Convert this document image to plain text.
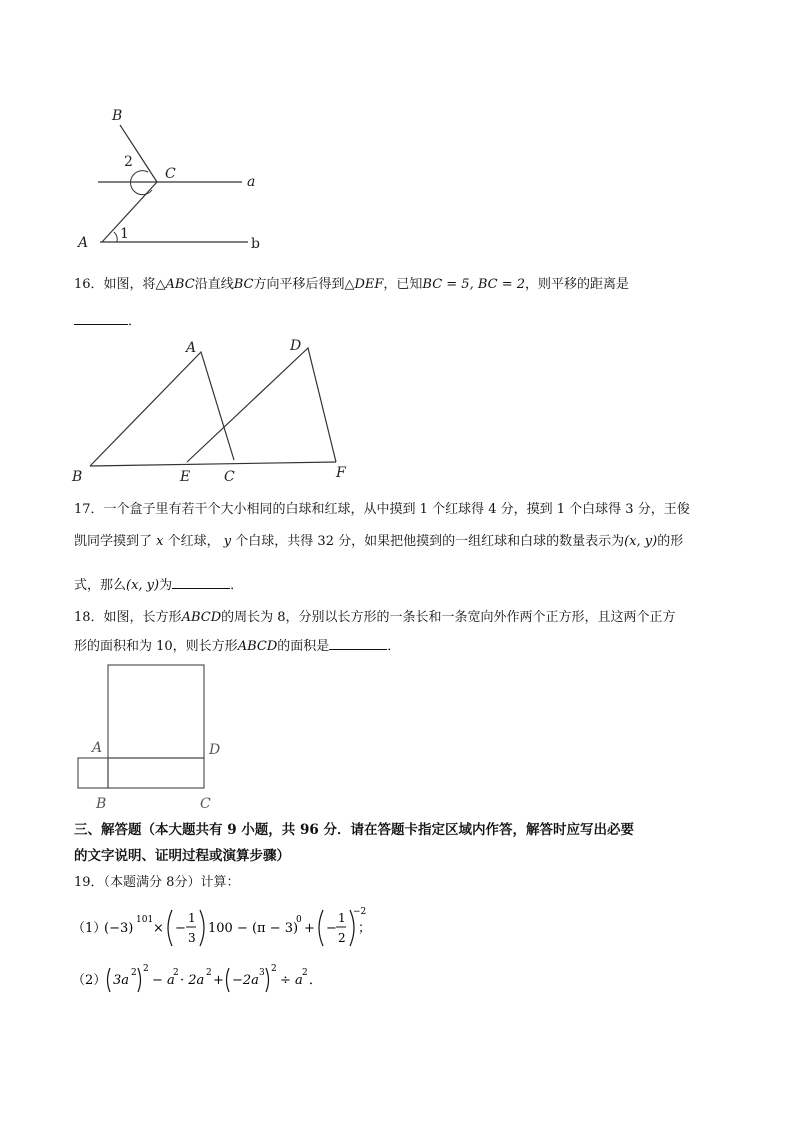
B
2
C	a
A
1
b
16．如图，将△ABC沿直线BC方向平移后得到△DEF，已知BC = 5, BC = 2，则平移的距离是
．
A	D
B	E C	F
17．一个盒子里有若干个大小相同的白球和红球，从中摸到 1 个红球得 4 分，摸到 1 个白球得 3 分，王俊
凯同学摸到了 x 个红球， y 个白球，共得 32 分，如果把他摸到的一组红球和白球的数量表示为(x, y)的形
式，那么(x, y)为	．
18．如图，长方形ABCD的周长为 8，分别以长方形的一条长和一条宽向外作两个正方形，且这两个正方
形的面积和为 10，则长方形ABCD的面积是	．
A	D
B	C
三、解答题（本大题共有 9 小题，共 96 分．请在答题卡指定区域内作答，解答时应写出必要
的文字说明、证明过程或演算步骤）
19．（本题满分 8分）计算：
（1）
(−3)
101
× −
1
3
100 − (π − 3)
0
+ −
1
2
−2
；
（2） 3a 2 2
− a
2 · 2a 2 + −2a 3 2
÷ a 2 ．
